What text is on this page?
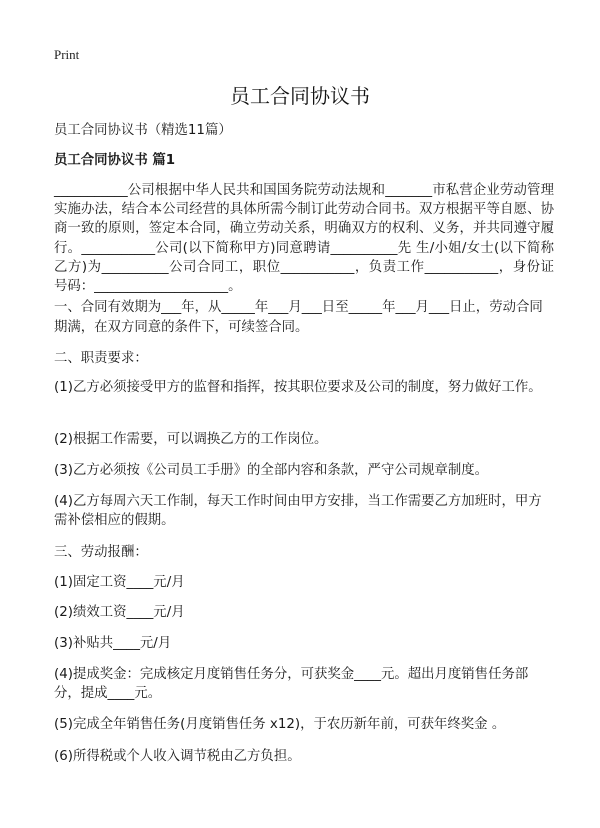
Print
员工合同协议书
员工合同协议书（精选11篇）
员工合同协议书 篇1
___________公司根据中华人民共和国国务院劳动法规和_______市私营企业劳动管理实施办法，结合本公司经营的具体所需今制订此劳动合同书。双方根据平等自愿、协商一致的原则，签定本合同，确立劳动关系，明确双方的权利、义务，并共同遵守履行。___________公司(以下简称甲方)同意聘请__________先 生/小姐/女士(以下简称乙方)为__________公司合同工，职位___________，负责工作___________，身份证号码：____________________。
一、合同有效期为___年，从_____年___月___日至_____年___月___日止，劳动合同期满，在双方同意的条件下，可续签合同。
二、职责要求：
(1)乙方必须接受甲方的监督和指挥，按其职位要求及公司的制度，努力做好工作。
(2)根据工作需要，可以调换乙方的工作岗位。
(3)乙方必须按《公司员工手册》的全部内容和条款，严守公司规章制度。
(4)乙方每周六天工作制，每天工作时间由甲方安排，当工作需要乙方加班时，甲方需补偿相应的假期。
三、劳动报酬：
(1)固定工资____元/月
(2)绩效工资____元/月
(3)补贴共____元/月
(4)提成奖金：完成核定月度销售任务分，可获奖金____元。超出月度销售任务部分，提成____元。
(5)完成全年销售任务(月度销售任务 x12)，于农历新年前，可获年终奖金 。
(6)所得税或个人收入调节税由乙方负担。
